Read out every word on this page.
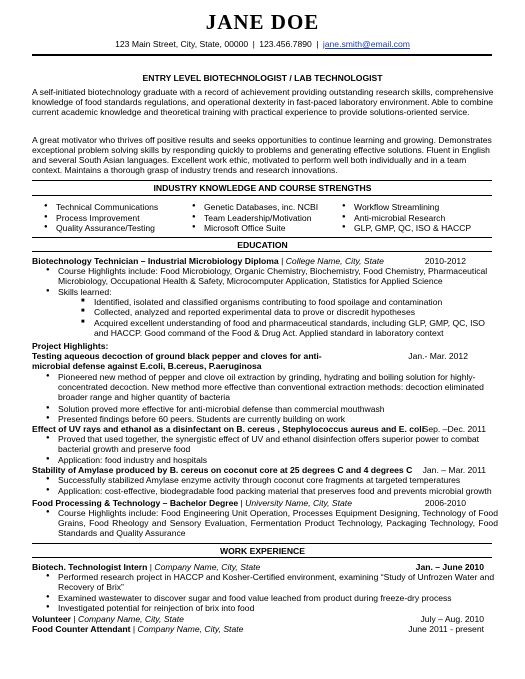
JANE DOE
123 Main Street, City, State, 00000 | 123.456.7890 | jane.smith@email.com
ENTRY LEVEL BIOTECHNOLOGIST / LAB TECHNOLOGIST
A self-initiated biotechnology graduate with a record of achievement providing outstanding research skills, comprehensive knowledge of food standards regulations, and operational dexterity in fast-paced laboratory environment. Able to combine current academic knowledge and theoretical training with practical experience to provide solutions-oriented service.
A great motivator who thrives off positive results and seeks opportunities to continue learning and growing. Demonstrates exceptional problem solving skills by responding quickly to problems and generating effective solutions. Fluent in English and several South Asian languages. Excellent work ethic, motivated to perform well both individually and in a team context. Maintains a thorough grasp of industry trends and research innovations.
INDUSTRY KNOWLEDGE AND COURSE STRENGTHS
● Technical Communications
● Process Improvement
● Quality Assurance/Testing
● Genetic Databases, inc. NCBI
● Team Leadership/Motivation
● Microsoft Office Suite
● Workflow Streamlining
● Anti-microbial Research
● GLP, GMP, QC, ISO & HACCP
EDUCATION
Biotechnology Technician – Industrial Microbiology Diploma | College Name, City, State	2010-2012
● Course Highlights include: Food Microbiology, Organic Chemistry, Biochemistry, Food Chemistry, Pharmaceutical Microbiology, Occupational Health & Safety, Microcomputer Application, Statistics for Applied Science
● Skills learned:
■ Identified, isolated and classified organisms contributing to food spoilage and contamination
■ Collected, analyzed and reported experimental data to prove or discredit hypotheses
■ Acquired excellent understanding of food and pharmaceutical standards, including GLP, GMP, QC, ISO and HACCP. Good command of the Food & Drug Act. Applied standard in laboratory context
Project Highlights:
Testing aqueous decoction of ground black pepper and cloves for anti-microbial defense against E.coli, B.cereus, P.aeruginosa
Jan.- Mar. 2012
● Pioneered new method of pepper and clove oil extraction by grinding, hydrating and boiling solution for highly-concentrated decoction. New method more effective than conventional extraction methods: decoction eliminated broader range and higher quantity of bacteria
● Solution proved more effective for anti-microbial defense than commercial mouthwash
● Presented findings before 60 peers. Students are currently building on work
Effect of UV rays and ethanol as a disinfectant on B. cereus , Stephylococcus aureus and E. coli
Sep. –Dec. 2011
● Proved that used together, the synergistic effect of UV and ethanol disinfection offers superior power to combat bacterial growth and preserve food
● Application: food industry and hospitals
Stability of Amylase produced by B. cereus on coconut core at 25 degrees C and 4 degrees C Jan. – Mar. 2011
● Successfully stabilized Amylase enzyme activity through coconut core fragments at targeted temperatures
● Application: cost-effective, biodegradable food packing material that preserves food and prevents microbial growth
Food Processing & Technology – Bachelor Degree | University Name, City, State	2006-2010
● Course Highlights include: Food Engineering Unit Operation, Processes Equipment Designing, Technology of Food Grains, Food Rheology and Sensory Evaluation, Fermentation Product Technology, Packaging Technology, Food Standards and Quality Assurance
WORK EXPERIENCE
Biotech. Technologist Intern | Company Name, City, State	Jan. – June 2010
● Performed research project in HACCP and Kosher-Certified environment, examining “Study of Unfrozen Water and Recovery of Brix”
● Examined wastewater to discover sugar and food value leached from product during freeze-dry process
● Investigated potential for reinjection of brix into food
Volunteer | Company Name, City, State	July – Aug. 2010
Food Counter Attendant | Company Name, City, State	June 2011 - present
